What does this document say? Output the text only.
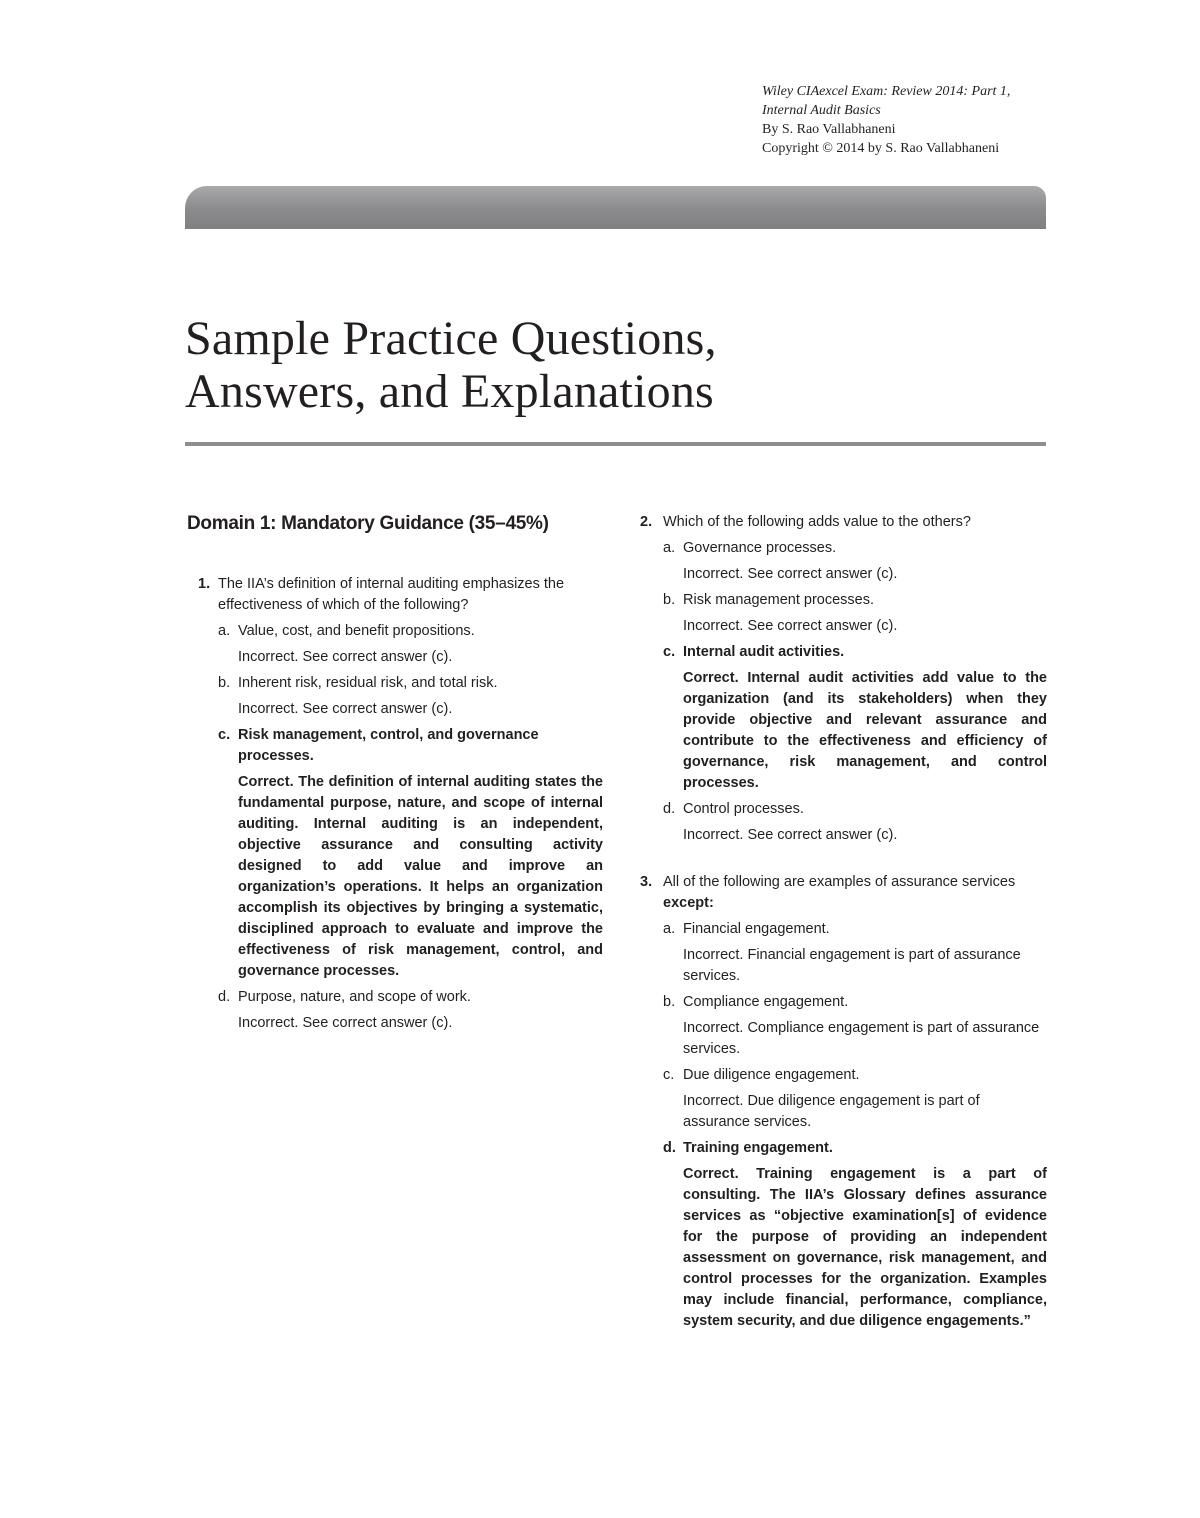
Wiley CIAexcel Exam: Review 2014: Part 1,
Internal Audit Basics
By S. Rao Vallabhaneni
Copyright © 2014 by S. Rao Vallabhaneni
Sample Practice Questions,
Answers, and Explanations
Domain 1: Mandatory Guidance (35–45%)
1. The IIA’s definition of internal auditing emphasizes the effectiveness of which of the following?
a. Value, cost, and benefit propositions.
Incorrect. See correct answer (c).
b. Inherent risk, residual risk, and total risk.
Incorrect. See correct answer (c).
c. Risk management, control, and governance processes.
Correct. The definition of internal auditing states the fundamental purpose, nature, and scope of internal auditing. Internal auditing is an independent, objective assurance and consulting activity designed to add value and improve an organization’s operations. It helps an organization accomplish its objectives by bringing a systematic, disciplined approach to evaluate and improve the effectiveness of risk management, control, and governance processes.
d. Purpose, nature, and scope of work.
Incorrect. See correct answer (c).
2. Which of the following adds value to the others?
a. Governance processes.
Incorrect. See correct answer (c).
b. Risk management processes.
Incorrect. See correct answer (c).
c. Internal audit activities.
Correct. Internal audit activities add value to the organization (and its stakeholders) when they provide objective and relevant assurance and contribute to the effectiveness and efficiency of governance, risk management, and control processes.
d. Control processes.
Incorrect. See correct answer (c).
3. All of the following are examples of assurance services except:
a. Financial engagement.
Incorrect. Financial engagement is part of assurance services.
b. Compliance engagement.
Incorrect. Compliance engagement is part of assurance services.
c. Due diligence engagement.
Incorrect. Due diligence engagement is part of assurance services.
d. Training engagement.
Correct. Training engagement is a part of consulting. The IIA’s Glossary defines assurance services as “objective examination[s] of evidence for the purpose of providing an independent assessment on governance, risk management, and control processes for the organization. Examples may include financial, performance, compliance, system security, and due diligence engagements.”
